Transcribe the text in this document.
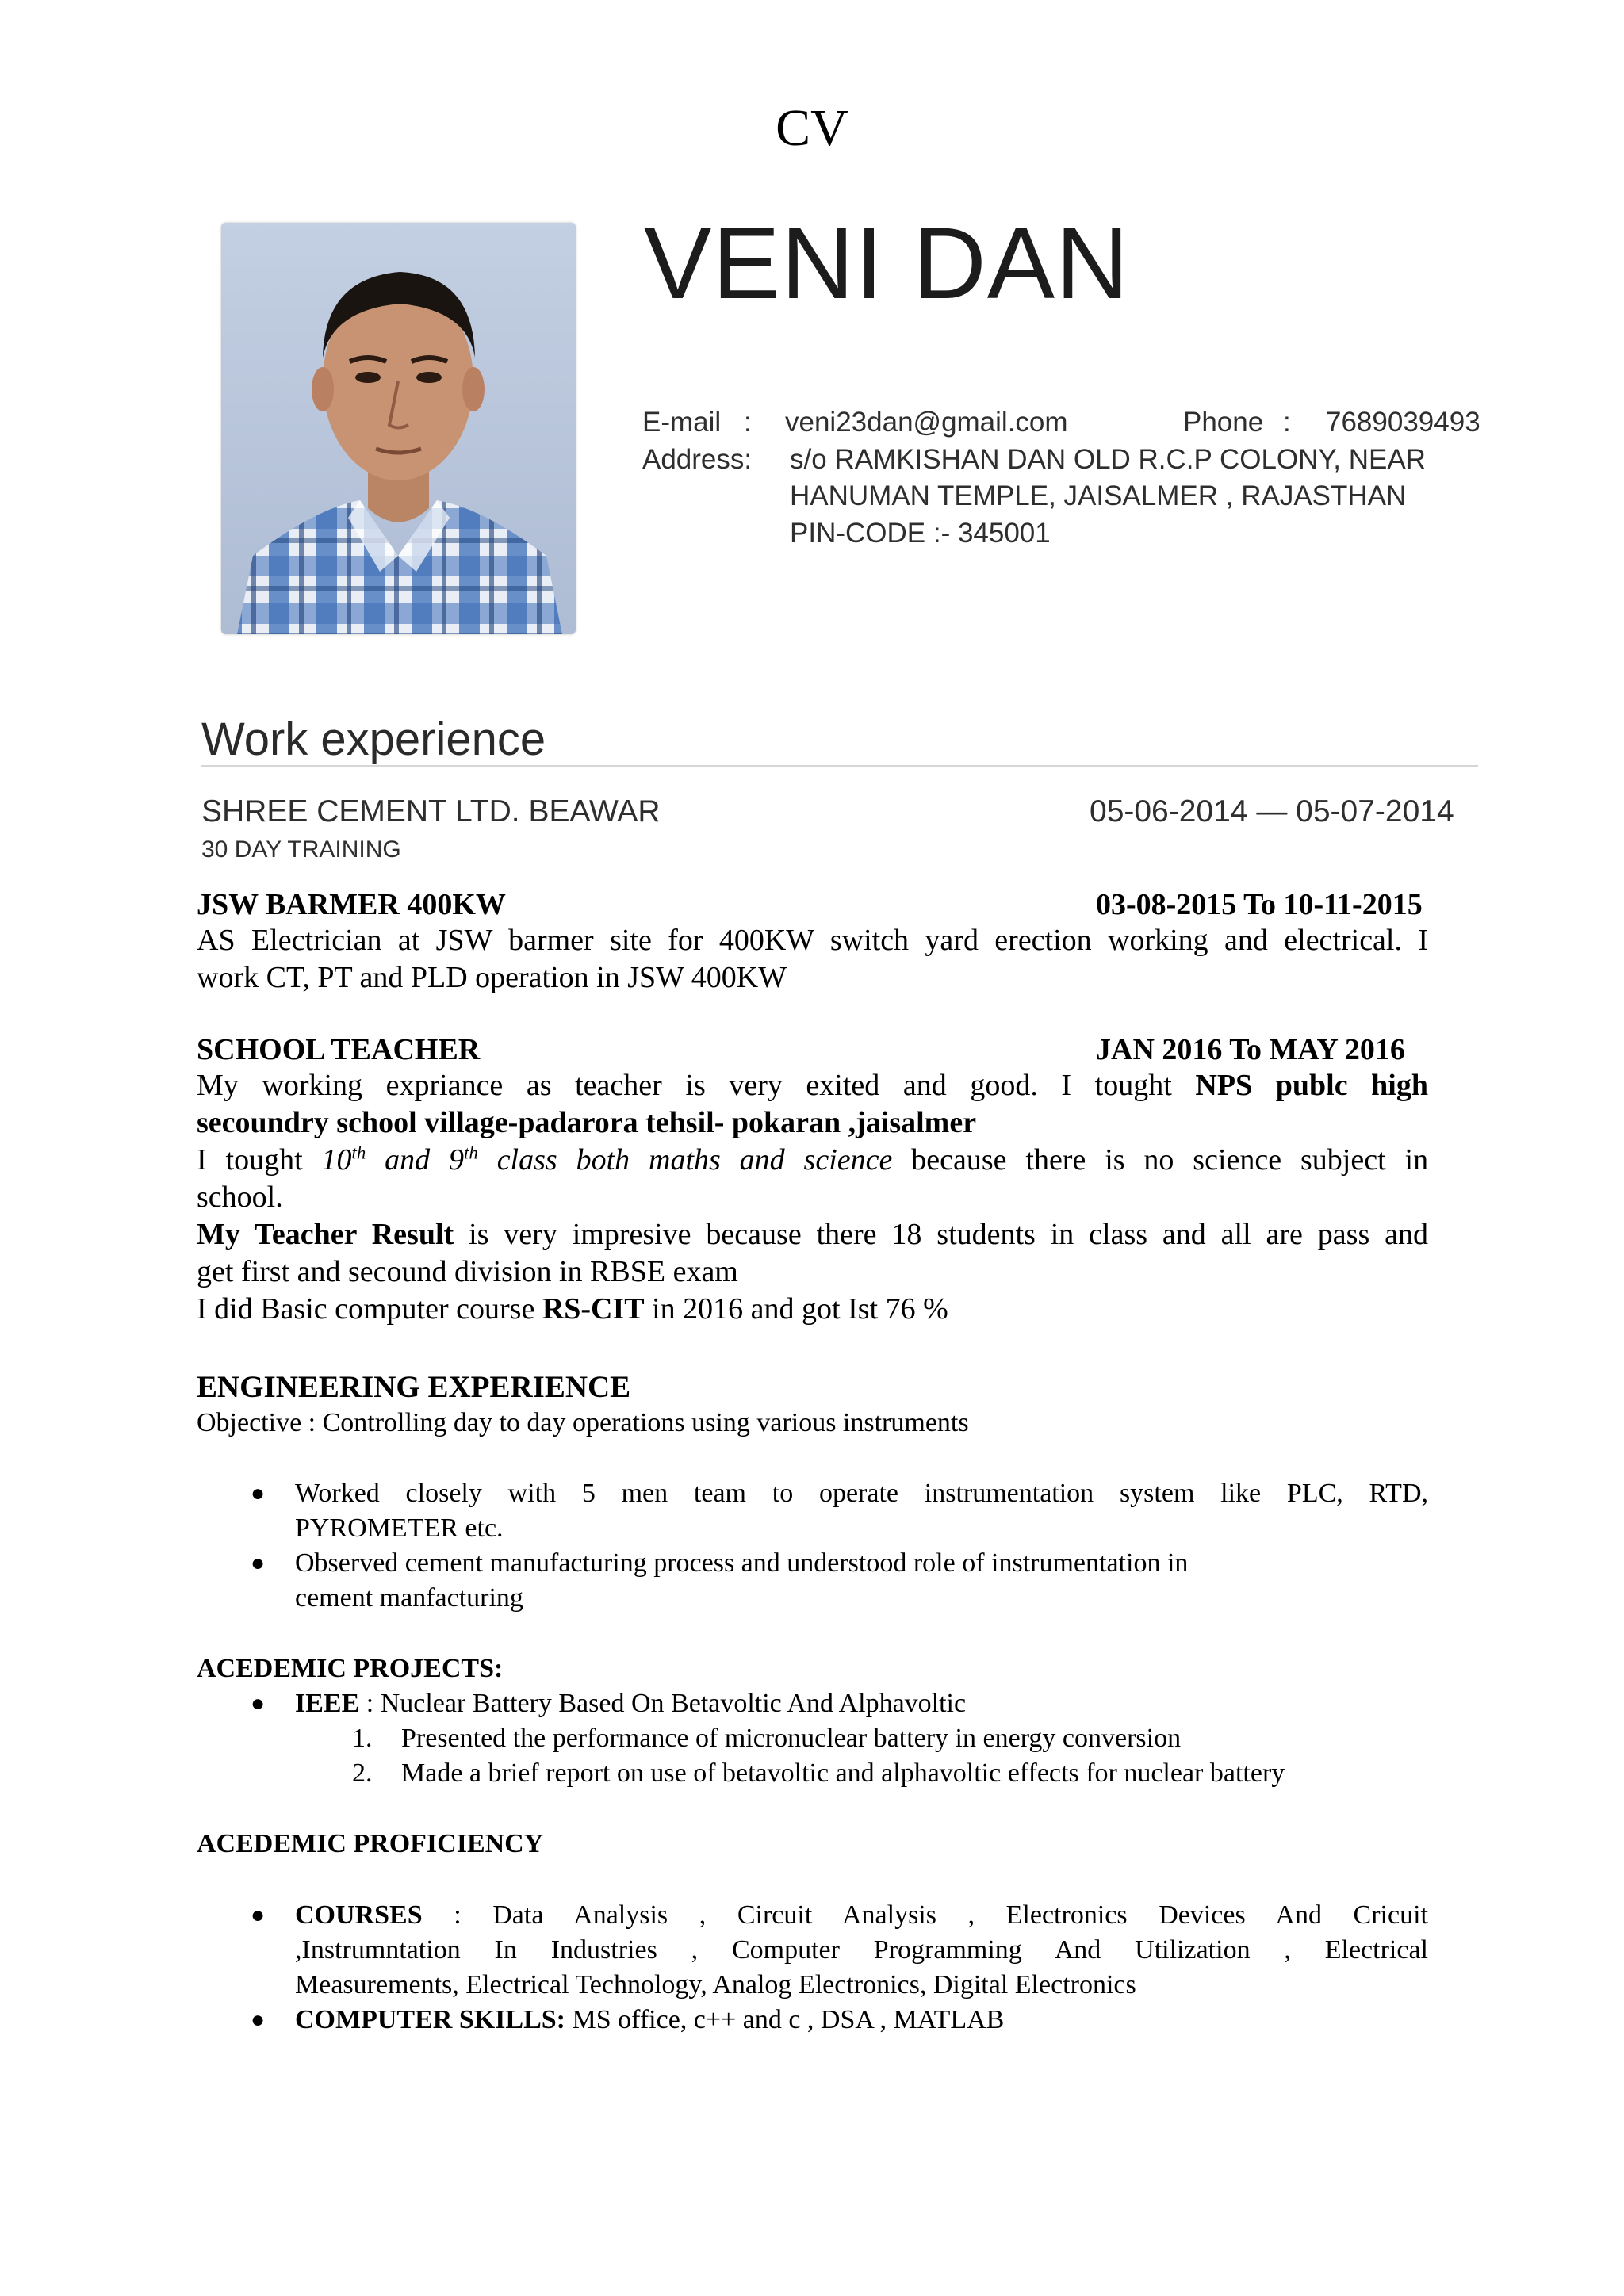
CV
VENI DAN
E-mail : veni23dan@gmail.com	Phone : 7689039493
Address: s/o RAMKISHAN DAN OLD R.C.P COLONY, NEAR
HANUMAN TEMPLE, JAISALMER , RAJASTHAN
PIN-CODE :- 345001
Work experience
SHREE CEMENT LTD. BEAWAR	05-06-2014 — 05-07-2014
30 DAY TRAINING
JSW BARMER 400KW	03-08-2015 To 10-11-2015
AS Electrician at JSW barmer site for 400KW switch yard erection working and electrical. I
work CT, PT and PLD operation in JSW 400KW
SCHOOL TEACHER	JAN 2016 To MAY 2016
My working expriance as teacher is very exited and good. I tought NPS publc high
secoundry school village-padarora tehsil- pokaran ,jaisalmer
I tought 10th and 9th class both maths and science because there is no science subject in
school.
My Teacher Result is very impresive because there 18 students in class and all are pass and
get first and secound division in RBSE exam
I did Basic computer course RS-CIT in 2016 and got Ist 76 %
ENGINEERING EXPERIENCE
Objective : Controlling day to day operations using various instruments
● Worked closely with 5 men team to operate instrumentation system like PLC, RTD,
PYROMETER etc.
● Observed cement manufacturing process and understood role of instrumentation in
cement manfacturing
ACEDEMIC PROJECTS:
● IEEE : Nuclear Battery Based On Betavoltic And Alphavoltic
1. Presented the performance of micronuclear battery in energy conversion
2. Made a brief report on use of betavoltic and alphavoltic effects for nuclear battery
ACEDEMIC PROFICIENCY
● COURSES : Data Analysis , Circuit Analysis , Electronics Devices And Cricuit
,Instrumntation In Industries , Computer Programming And Utilization , Electrical
Measurements, Electrical Technology, Analog Electronics, Digital Electronics
● COMPUTER SKILLS: MS office, c++ and c , DSA , MATLAB
